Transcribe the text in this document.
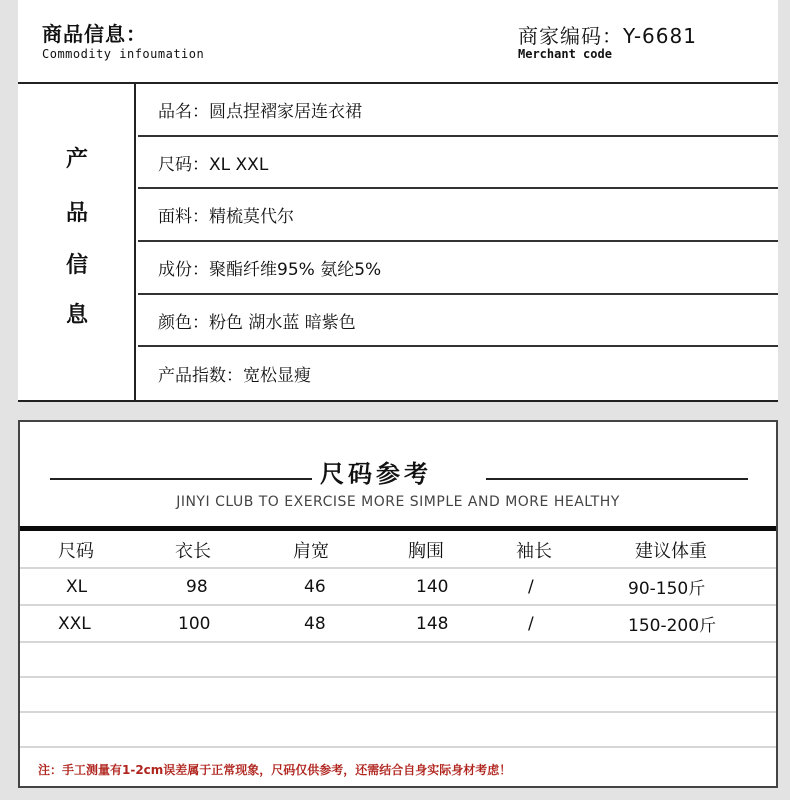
商品信息：
Commodity infoumation
商家编码：Y-6681
Merchant code
产
品
信
息
品名：圆点捏褶家居连衣裙
尺码：XL XXL
面料：精梳莫代尔
成份：聚酯纤维95% 氨纶5%
颜色：粉色 湖水蓝 暗紫色
产品指数：宽松显瘦
尺码参考
JINYI CLUB TO EXERCISE MORE SIMPLE AND MORE HEALTHY
尺码	衣长	肩宽	胸围	袖长	建议体重
XL	98	46	140	/	90-150斤
XXL	100	48	148	/	150-200斤
注：手工测量有1-2cm误差属于正常现象，尺码仅供参考，还需结合自身实际身材考虑！
